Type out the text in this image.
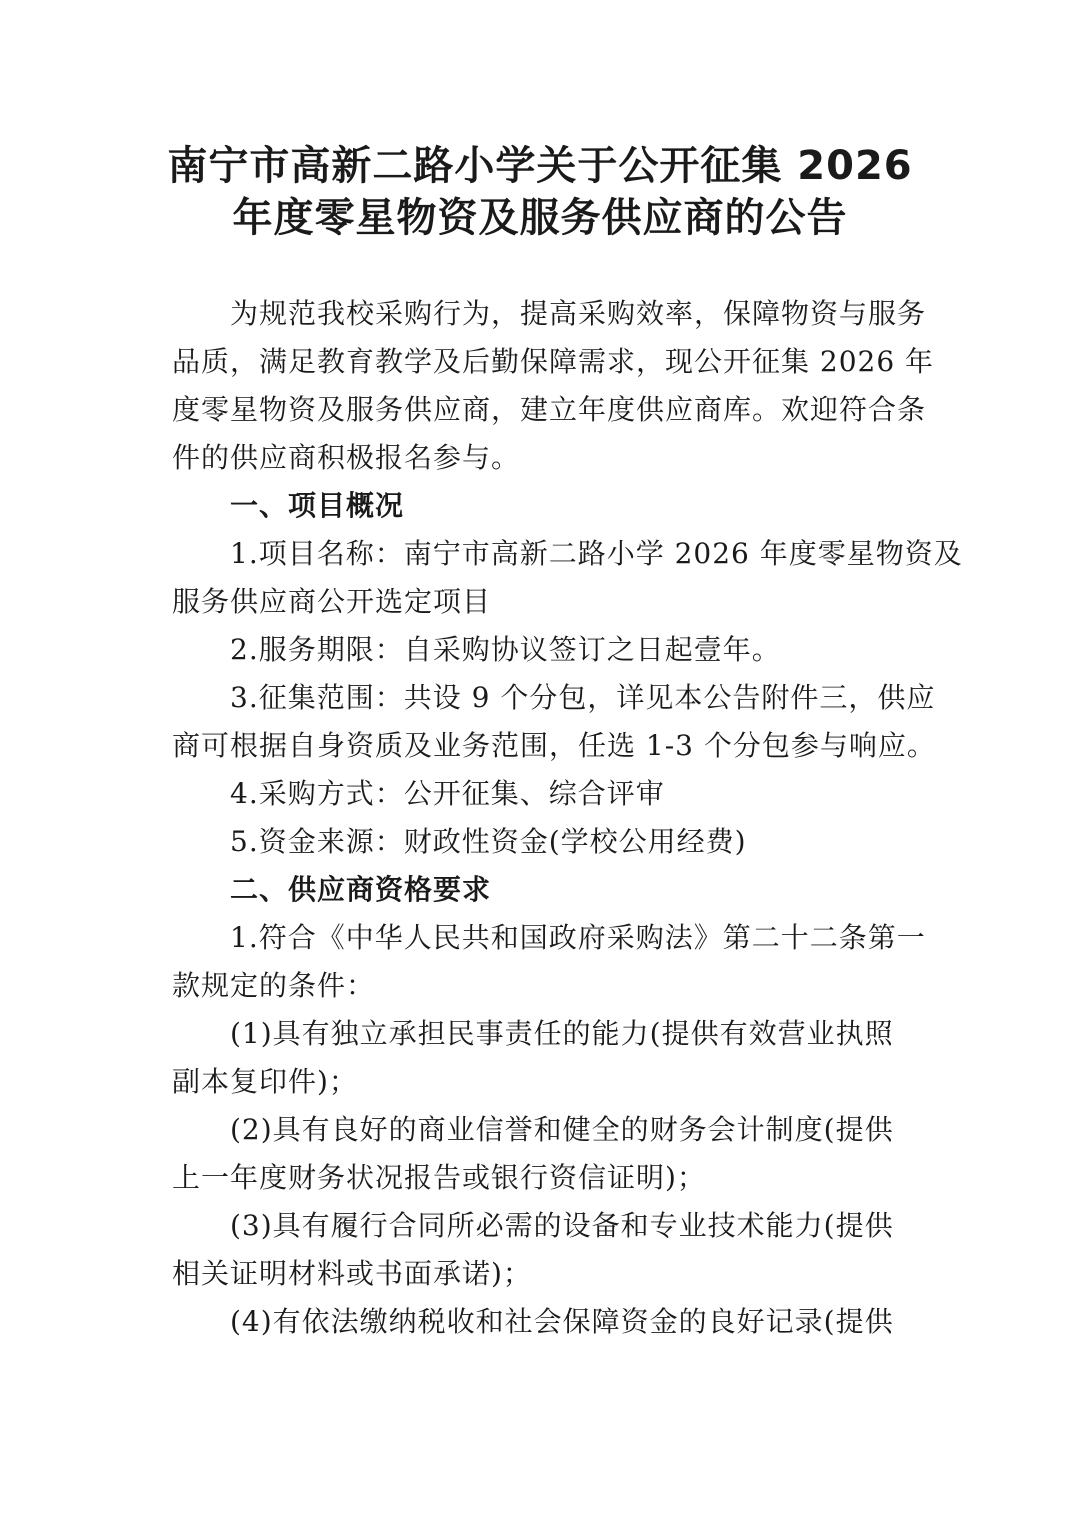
南宁市高新二路小学关于公开征集 2026
年度零星物资及服务供应商的公告
为规范我校采购行为，提高采购效率，保障物资与服务
品质，满足教育教学及后勤保障需求，现公开征集 2026 年
度零星物资及服务供应商，建立年度供应商库。欢迎符合条
件的供应商积极报名参与。
一、项目概况
1.项目名称：南宁市高新二路小学 2026 年度零星物资及
服务供应商公开选定项目
2.服务期限：自采购协议签订之日起壹年。
3.征集范围：共设 9 个分包，详见本公告附件三，供应
商可根据自身资质及业务范围，任选 1-3 个分包参与响应。
4.采购方式：公开征集、综合评审
5.资金来源：财政性资金(学校公用经费)
二、供应商资格要求
1.符合《中华人民共和国政府采购法》第二十二条第一
款规定的条件：
(1)具有独立承担民事责任的能力(提供有效营业执照
副本复印件)；
(2)具有良好的商业信誉和健全的财务会计制度(提供
上一年度财务状况报告或银行资信证明)；
(3)具有履行合同所必需的设备和专业技术能力(提供
相关证明材料或书面承诺)；
(4)有依法缴纳税收和社会保障资金的良好记录(提供
